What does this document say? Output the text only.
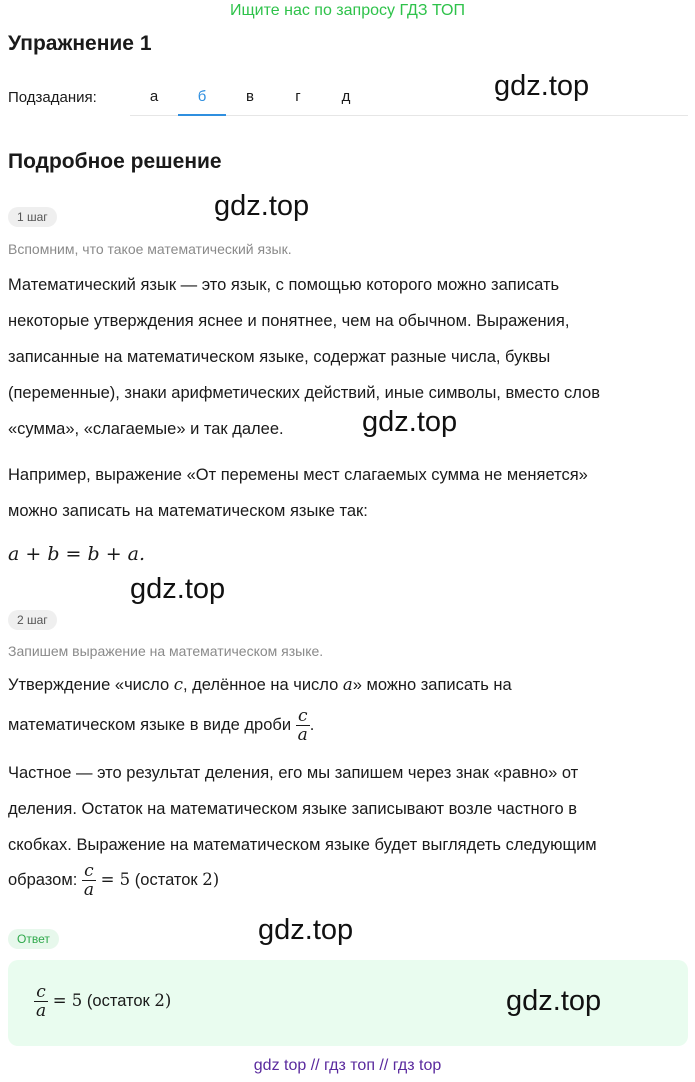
Ищите нас по запросу ГДЗ ТОП
Упражнение 1
Подзадания:	а	б	в	г	д	gdz.top
Подробное решение
1 шаг	gdz.top
Вспомним, что такое математический язык.
Математический язык — это язык, с помощью которого можно записать
некоторые утверждения яснее и понятнее, чем на обычном. Выражения,
записанные на математическом языке, содержат разные числа, буквы
(переменные), знаки арифметических действий, иные символы, вместо слов
«сумма», «слагаемые» и так далее.	gdz.top
Например, выражение «От перемены мест слагаемых сумма не меняется»
можно записать на математическом языке так:
a + b = b + a.
gdz.top
2 шаг
Запишем выражение на математическом языке.
Утверждение «число c, делённое на число a» можно записать на
математическом языке в виде дроби $\frac{c}{a}$ .
Частное — это результат деления, его мы запишем через знак «равно» от
деления. Остаток на математическом языке записывают возле частного в
скобках. Выражение на математическом языке будет выглядеть следующим
образом: $\frac{c}{a} = 5$ (остаток 2)
Ответ	gdz.top
$\frac{c}{a} = 5$ (остаток 2)	gdz.top
gdz top // гдз топ // гдз top
